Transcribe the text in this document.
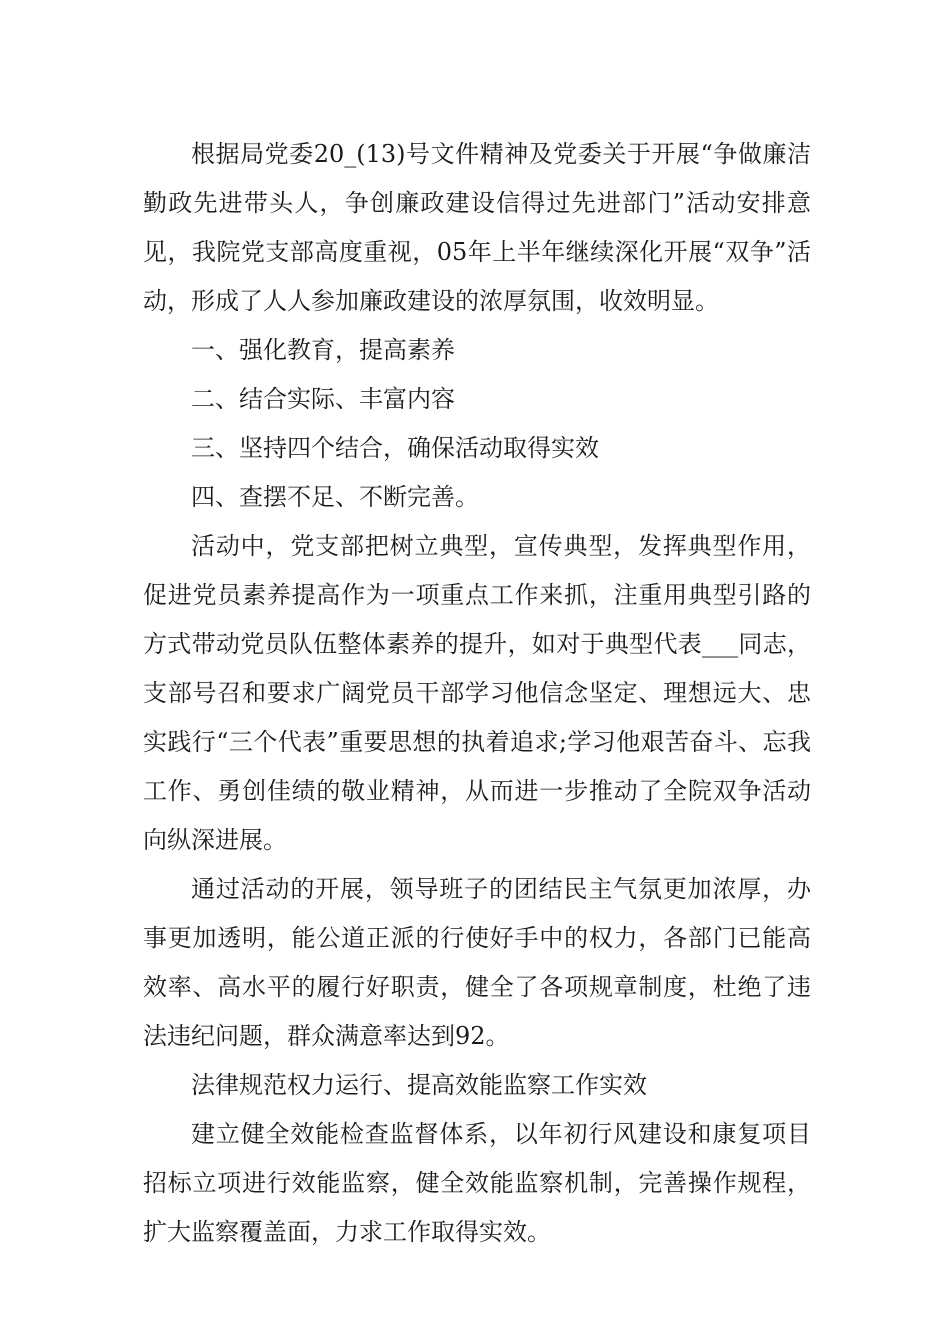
根据局党委20_(13)号文件精神及党委关于开展“争做廉洁勤政先进带头人，争创廉政建设信得过先进部门”活动安排意见，我院党支部高度重视，05年上半年继续深化开展“双争”活动，形成了人人参加廉政建设的浓厚氛围，收效明显。

一、强化教育，提高素养

二、结合实际、丰富内容

三、坚持四个结合，确保活动取得实效

四、查摆不足、不断完善。

活动中，党支部把树立典型，宣传典型，发挥典型作用，促进党员素养提高作为一项重点工作来抓，注重用典型引路的方式带动党员队伍整体素养的提升，如对于典型代表___同志，支部号召和要求广阔党员干部学习他信念坚定、理想远大、忠实践行“三个代表”重要思想的执着追求;学习他艰苦奋斗、忘我工作、勇创佳绩的敬业精神，从而进一步推动了全院双争活动向纵深进展。

通过活动的开展，领导班子的团结民主气氛更加浓厚，办事更加透明，能公道正派的行使好手中的权力，各部门已能高效率、高水平的履行好职责，健全了各项规章制度，杜绝了违法违纪问题，群众满意率达到92。

法律规范权力运行、提高效能监察工作实效

建立健全效能检查监督体系，以年初行风建设和康复项目招标立项进行效能监察，健全效能监察机制，完善操作规程，扩大监察覆盖面，力求工作取得实效。
